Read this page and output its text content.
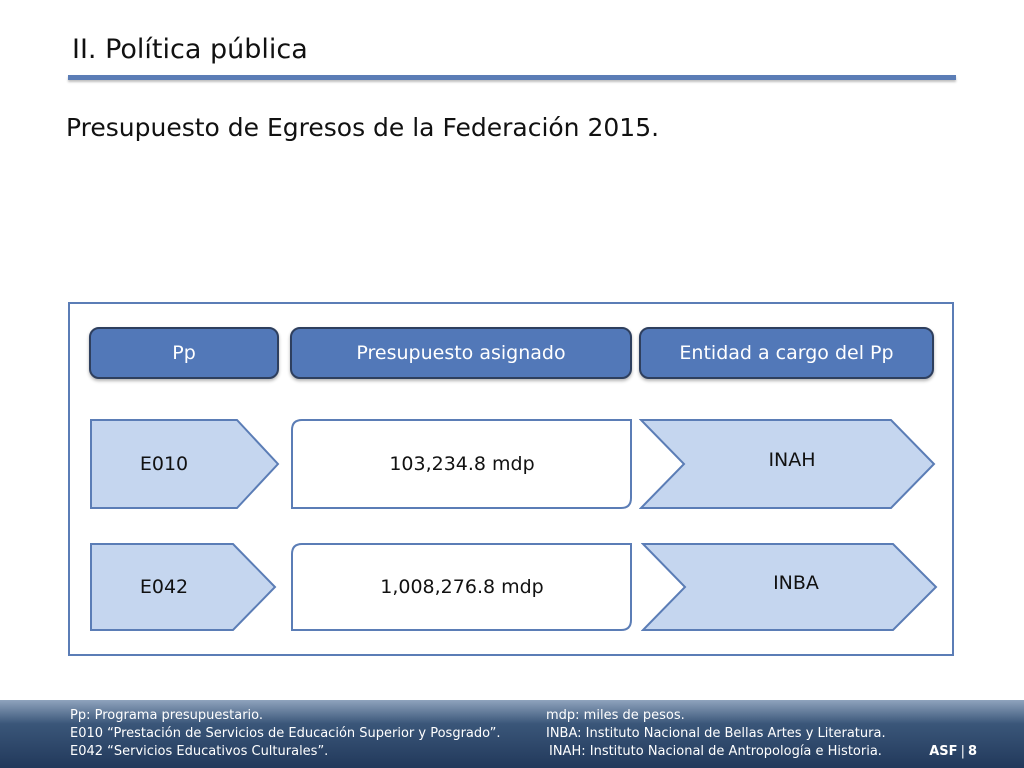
II. Política pública
Presupuesto de Egresos de la Federación 2015.
Pp	Presupuesto asignado	Entidad a cargo del Pp
E010	103,234.8 mdp	INAH
E042	1,008,276.8 mdp	INBA
Pp: Programa presupuestario.
E010 “Prestación de Servicios de Educación Superior y Posgrado”.
E042 “Servicios Educativos Culturales”.
mdp: miles de pesos.
INBA: Instituto Nacional de Bellas Artes y Literatura.
INAH: Instituto Nacional de Antropología e Historia.	ASF | 8
